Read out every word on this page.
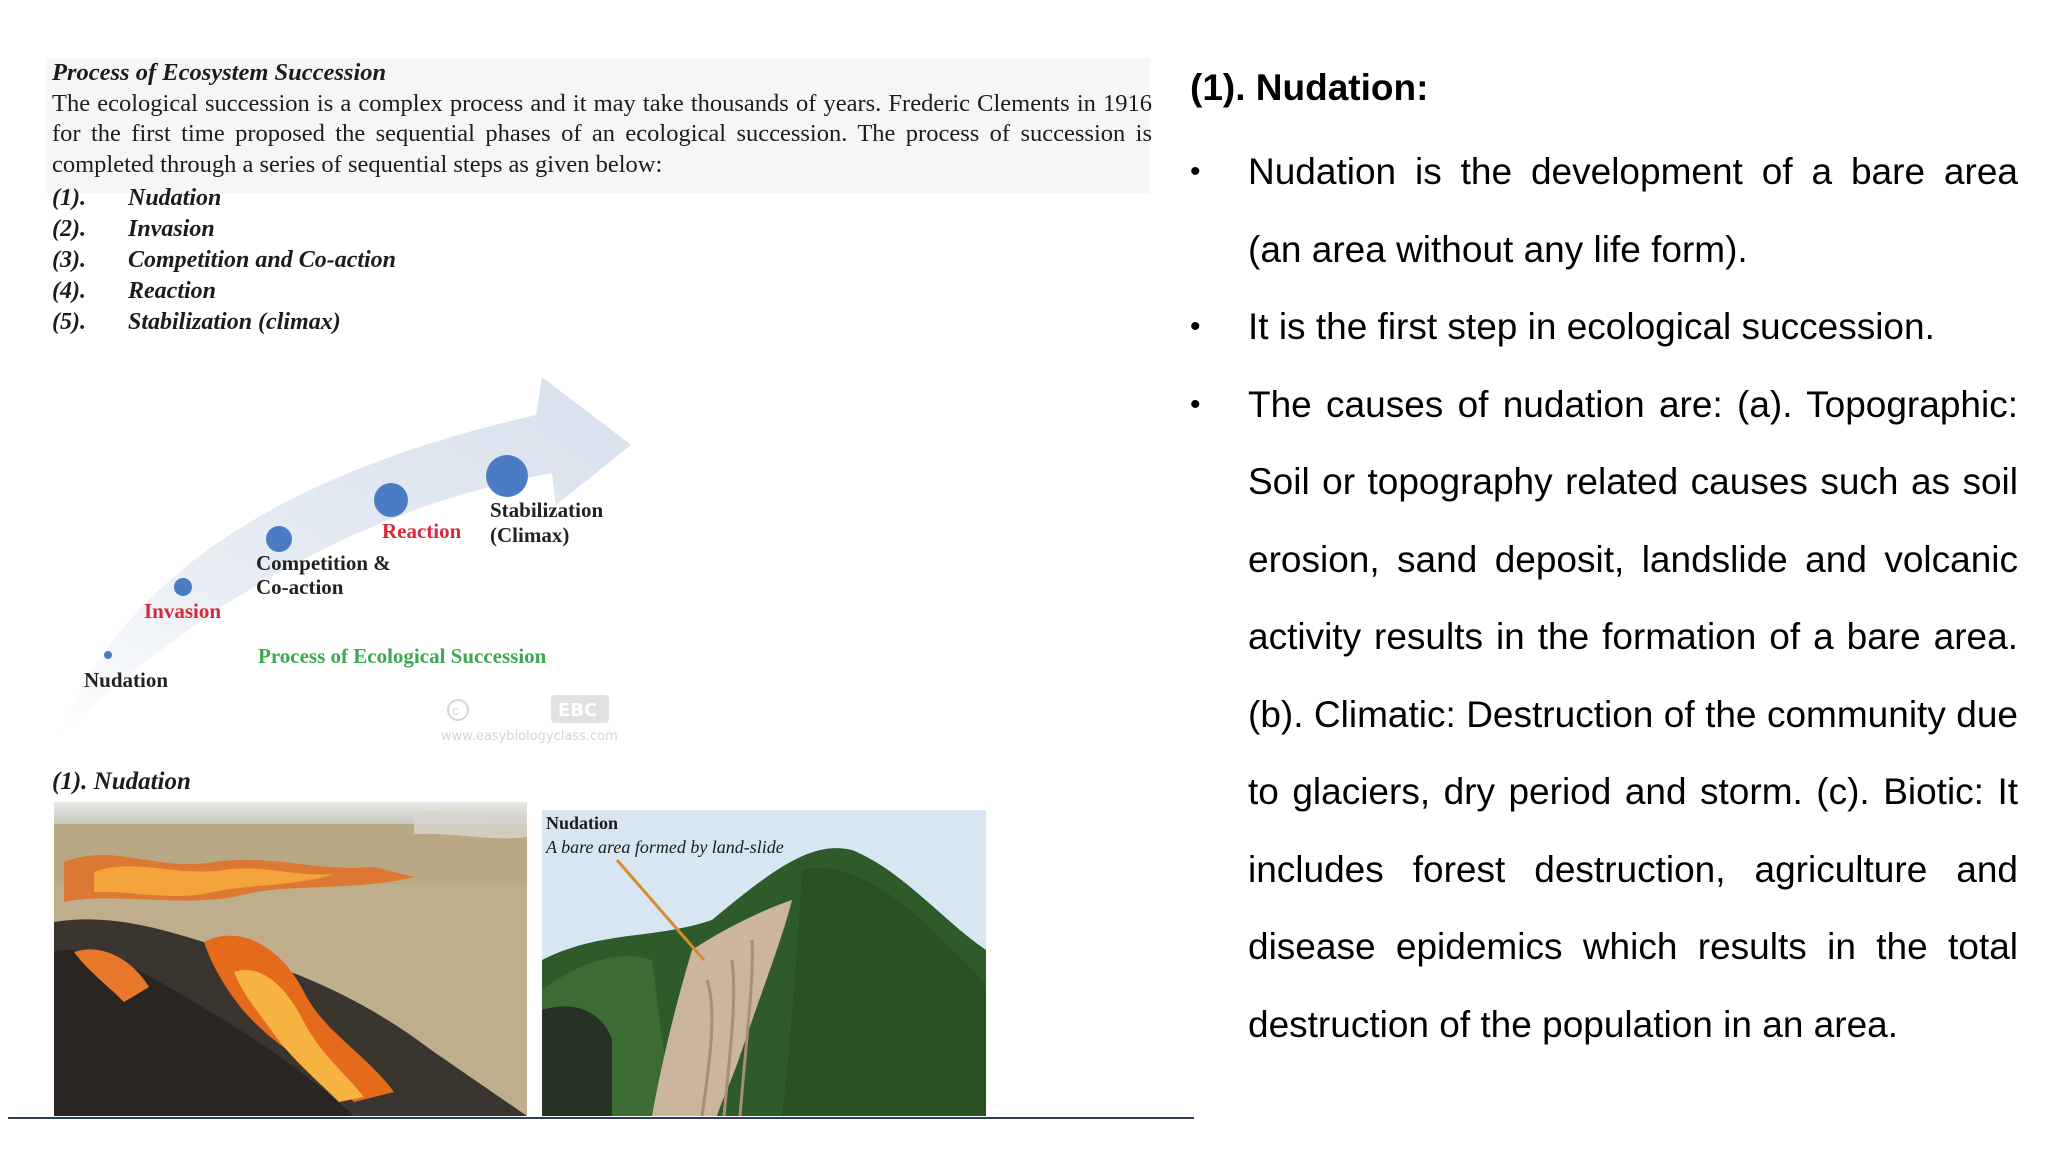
Process of Ecosystem Succession
The ecological succession is a complex process and it may take thousands of years. Frederic Clements in 1916 for the first time proposed the sequential phases of an ecological succession. The process of succession is completed through a series of sequential steps as given below:
(1). Nudation
(2). Invasion
(3). Competition and Co-action
(4). Reaction
(5). Stabilization (climax)
Nudation
Invasion
Competition &
Co-action
Reaction
Stabilization
(Climax)
Process of Ecological Succession
c	EBC
www.easybiologyclass.com
(1). Nudation
Nudation
A bare area formed by land-slide
(1). Nudation:
• Nudation is the development of a bare area (an area without any life form).
• It is the first step in ecological succession.
• The causes of nudation are: (a). Topographic: Soil or topography related causes such as soil erosion, sand deposit, landslide and volcanic activity results in the formation of a bare area. (b). Climatic: Destruction of the community due to glaciers, dry period and storm. (c). Biotic: It includes forest destruction, agriculture and disease epidemics which results in the total destruction of the population in an area.
